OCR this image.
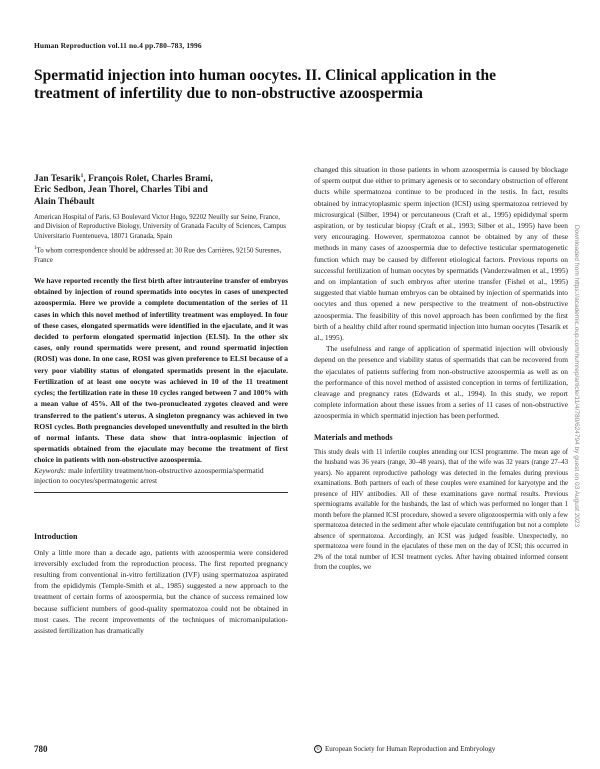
Human Reproduction vol.11 no.4 pp.780–783, 1996
Spermatid injection into human oocytes. II. Clinical application in the treatment of infertility due to non-obstructive azoospermia
Jan Tesarik$^1$, François Rolet, Charles Brami,
Eric Sedbon, Jean Thorel, Charles Tibi and
Alain Thébault
American Hospital of Paris, 63 Boulevard Victor Hugo, 92202 Neuilly sur Seine, France, and Division of Reproductive Biology, University of Granada Faculty of Sciences, Campus Universitario Fuentenueva, 18071 Granada, Spain
$^1$To whom correspondence should be addressed at: 30 Rue des Carrières, 92150 Suresnes, France

We have reported recently the first birth after intrauterine transfer of embryos obtained by injection of round spermatids into oocytes in cases of unexpected azoospermia. Here we provide a complete documentation of the series of 11 cases in which this novel method of infertility treatment was employed. In four of these cases, elongated spermatids were identified in the ejaculate, and it was decided to perform elongated spermatid injection (ELSI). In the other six cases, only round spermatids were present, and round spermatid injection (ROSI) was done. In one case, ROSI was given preference to ELSI because of a very poor viability status of elongated spermatids present in the ejaculate. Fertilization of at least one oocyte was achieved in 10 of the 11 treatment cycles; the fertilization rate in these 10 cycles ranged between 7 and 100% with a mean value of 45%. All of the two-pronucleated zygotes cleaved and were transferred to the patient's uterus. A singleton pregnancy was achieved in two ROSI cycles. Both pregnancies developed uneventfully and resulted in the birth of normal infants. These data show that intra-ooplasmic injection of spermatids obtained from the ejaculate may become the treatment of first choice in patients with non-obstructive azoospermia.

Keywords: male infertility treatment/non-obstructive azoospermia/spermatid injection to oocytes/spermatogenic arrest

Introduction

Only a little more than a decade ago, patients with azoospermia were considered irreversibly excluded from the reproduction process. The first reported pregnancy resulting from conventional in-vitro fertilization (IVF) using spermatozoa aspirated from the epididymis (Temple-Smith et al., 1985) suggested a new approach to the treatment of certain forms of azoospermia, but the chance of success remained low because sufficient numbers of good-quality spermatozoa could not be obtained in most cases. The recent improvements of the techniques of micromanipulation-assisted fertilization has dramatically

changed this situation in those patients in whom azoospermia is caused by blockage of sperm output due either to primary agenesis or to secondary obstruction of efferent ducts while spermatozoa continue to be produced in the testis. In fact, results obtained by intracytoplasmic sperm injection (ICSI) using spermatozoa retrieved by microsurgical (Silber, 1994) or percutaneous (Craft et al., 1995) epididymal sperm aspiration, or by testicular biopsy (Craft et al., 1993; Silber et al., 1995) have been very encouraging. However, spermatozoa cannot be obtained by any of these methods in many cases of azoospermia due to defective testicular spermatogenetic function which may be caused by different etiological factors. Previous reports on successful fertilization of human oocytes by spermatids (Vanderzwalmen et al., 1995) and on implantation of such embryos after uterine transfer (Fishel et al., 1995) suggested that viable human embryos can be obtained by injection of spermatids into oocytes and thus opened a new perspective to the treatment of non-obstructive azoospermia. The feasibility of this novel approach has been confirmed by the first birth of a healthy child after round spermatid injection into human oocytes (Tesarik et al., 1995).

The usefulness and range of application of spermatid injection will obviously depend on the presence and viability status of spermatids that can be recovered from the ejaculates of patients suffering from non-obstructive azoospermia as well as on the performance of this novel method of assisted conception in terms of fertilization, cleavage and pregnancy rates (Edwards et al., 1994). In this study, we report complete information about these issues from a series of 11 cases of non-obstructive azoospermia in which spermatid injection has been performed.

Materials and methods

This study deals with 11 infertile couples attending our ICSI programme. The mean age of the husband was 36 years (range, 30–48 years), that of the wife was 32 years (range 27–43 years). No apparent reproductive pathology was detected in the females during previous examinations. Both partners of each of these couples were examined for karyotype and the presence of HIV antibodies. All of these examinations gave normal results. Previous spermiograms available for the husbands, the last of which was performed no longer than 1 month before the planned ICSI procedure, showed a severe oligozoospermia with only a few spermatozoa detected in the sediment after whole ejaculate centrifugation but not a complete absence of spermatozoa. Accordingly, an ICSI was judged feasible. Unexpectedly, no spermatozoa were found in the ejaculates of these men on the day of ICSI; this occurred in 2% of the total number of ICSI treatment cycles. After having obtained informed consent from the couples, we

780	© European Society for Human Reproduction and Embryology
Downloaded from https://academic.oup.com/humrep/article/11/4/780/624794 by guest on 03 August 2023
